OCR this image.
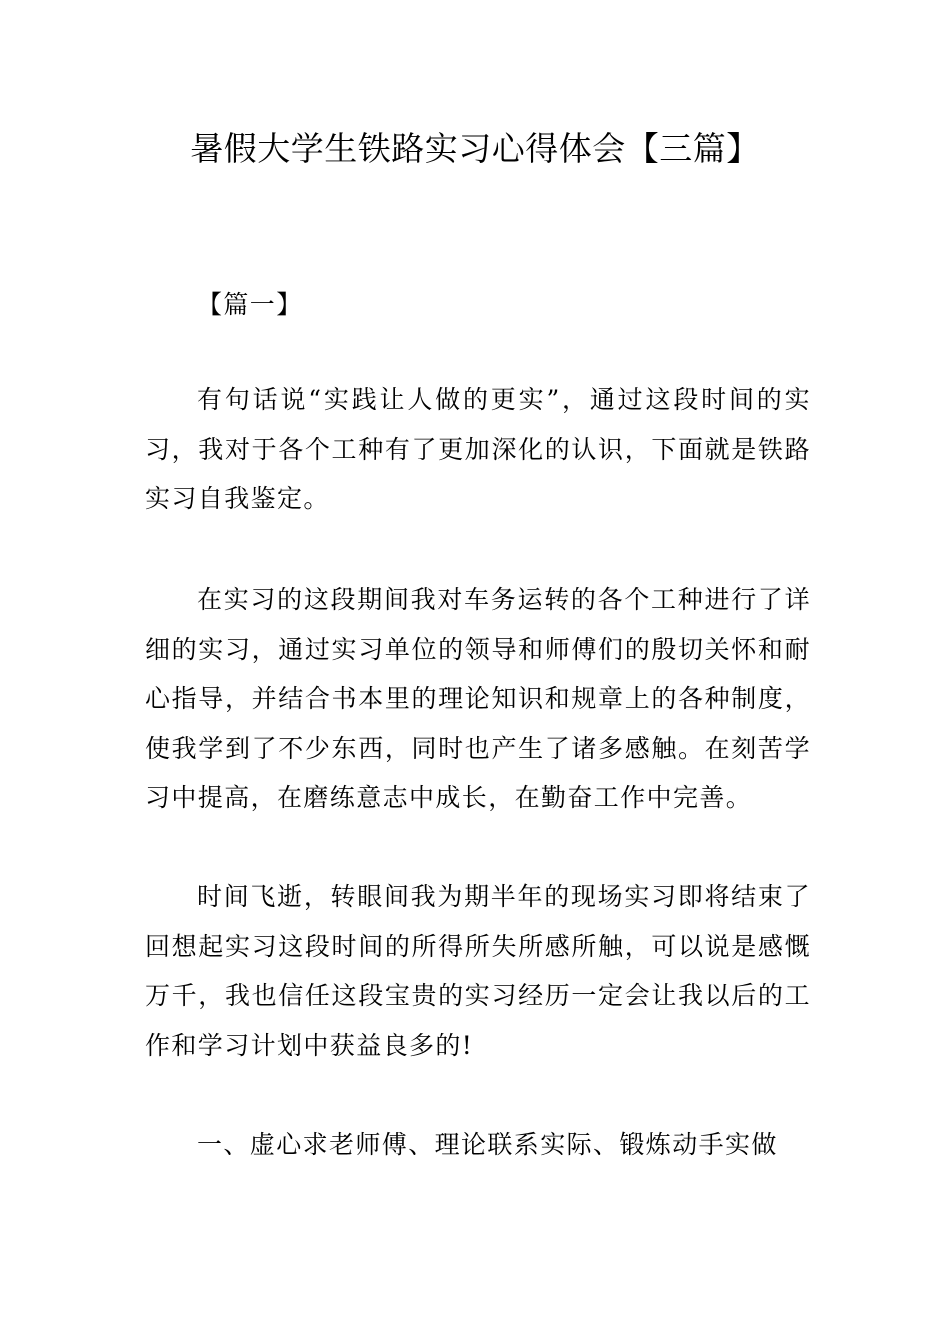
暑假大学生铁路实习心得体会【三篇】

【篇一】

有句话说“实践让人做的更实”，通过这段时间的实习，我对于各个工种有了更加深化的认识，下面就是铁路实习自我鉴定。

在实习的这段期间我对车务运转的各个工种进行了详细的实习，通过实习单位的领导和师傅们的殷切关怀和耐心指导，并结合书本里的理论知识和规章上的各种制度，使我学到了不少东西，同时也产生了诸多感触。在刻苦学习中提高，在磨练意志中成长，在勤奋工作中完善。

时间飞逝，转眼间我为期半年的现场实习即将结束了回想起实习这段时间的所得所失所感所触，可以说是感慨万千，我也信任这段宝贵的实习经历一定会让我以后的工作和学习计划中获益良多的!

一、虚心求老师傅、理论联系实际、锻炼动手实做
